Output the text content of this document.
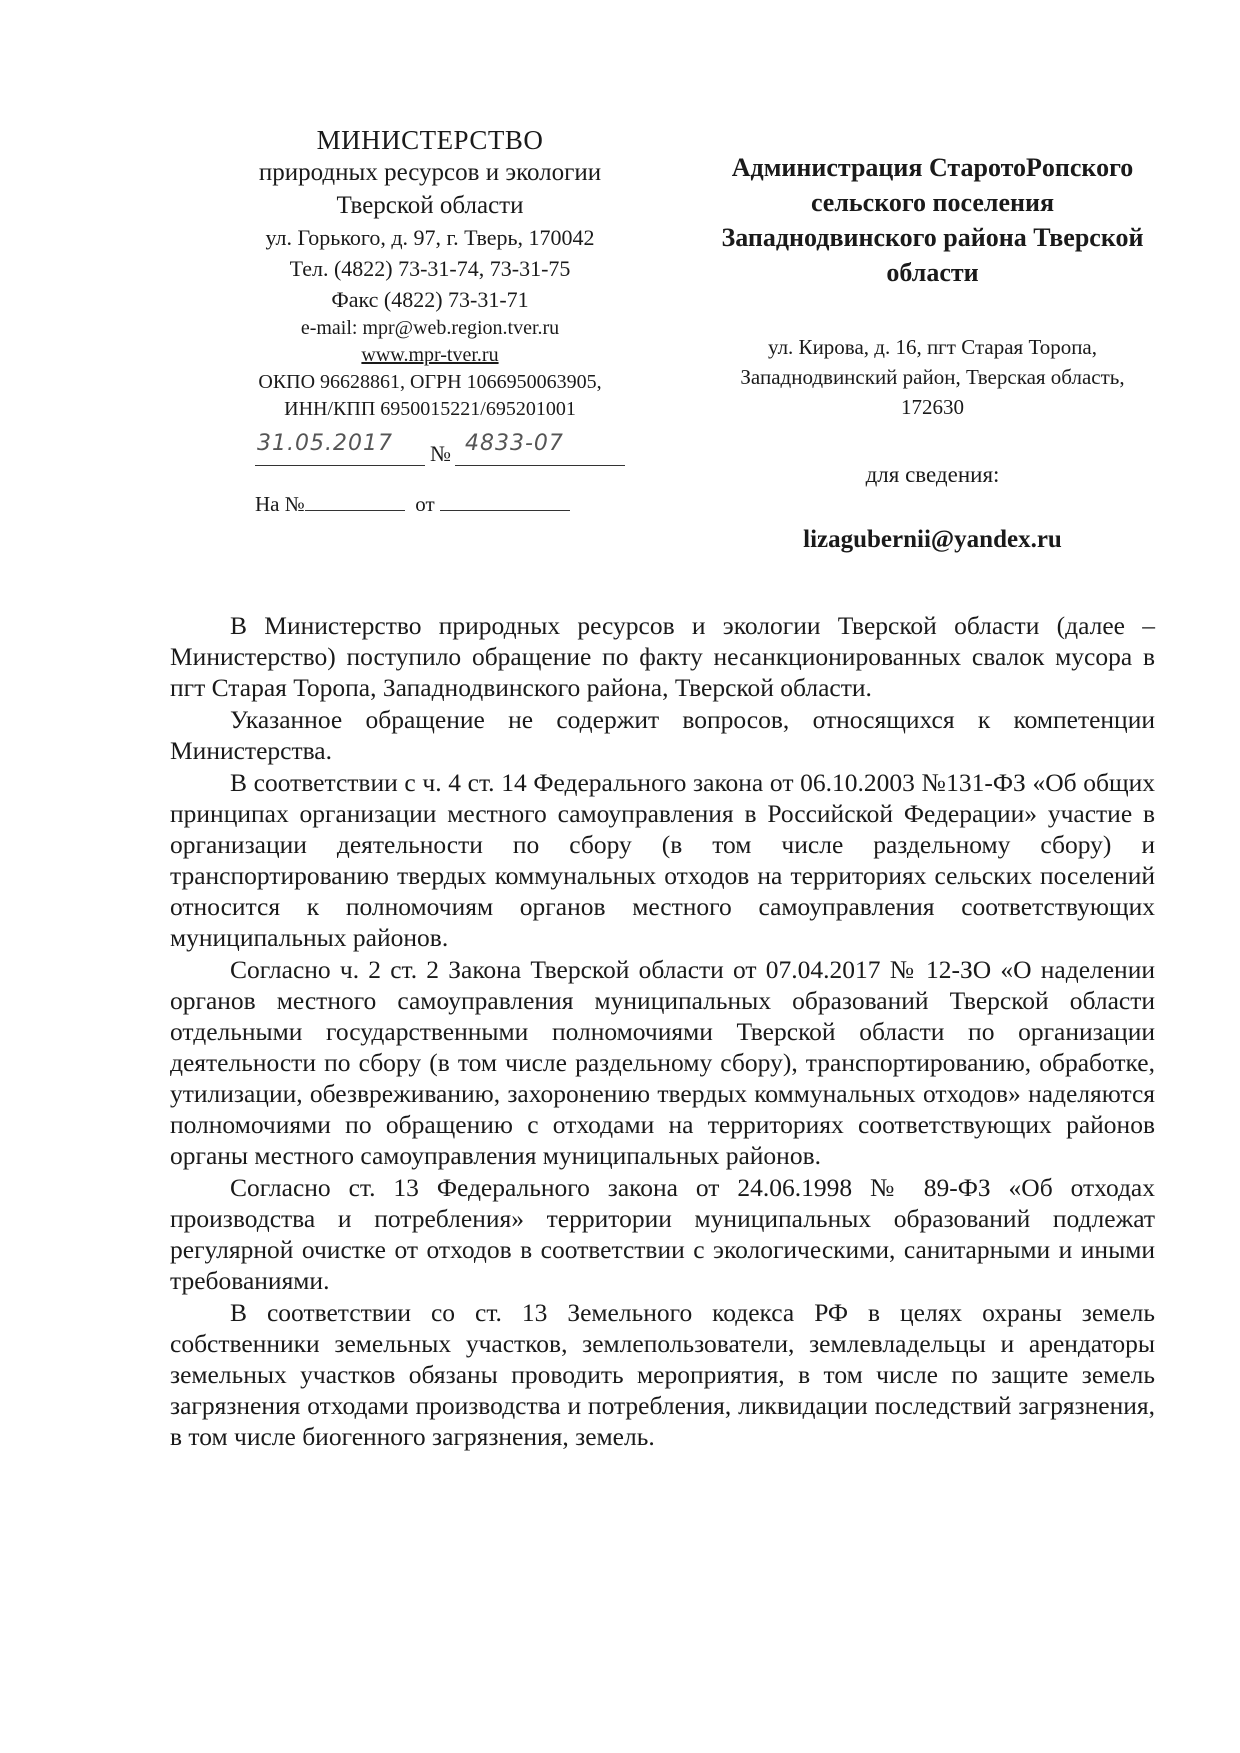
МИНИСТЕРСТВО
природных ресурсов и экологии
Тверской области
ул. Горького, д. 97, г. Тверь, 170042
Тел. (4822) 73-31-74, 73-31-75
Факс (4822) 73-31-71
e-mail: mpr@web.region.tver.ru
www.mpr-tver.ru
ОКПО 96628861, ОГРН 1066950063905,
ИНН/КПП 6950015221/695201001
31.05.2017 № 4833-07
На №	от
Администрация СтаротоPопского
сельского поселения
Западнодвинского района Тверской
области
ул. Кирова, д. 16, пгт Старая Торопа,
Западнодвинский район, Тверская область,
172630
для сведения:
lizagubernii@yandex.ru

В Министерство природных ресурсов и экологии Тверской области (далее – Министерство) поступило обращение по факту несанкционированных свалок мусора в пгт Старая Торопа, Западнодвинского района, Тверской области.

Указанное обращение не содержит вопросов, относящихся к компетенции Министерства.

В соответствии с ч. 4 ст. 14 Федерального закона от 06.10.2003 №131-ФЗ «Об общих принципах организации местного самоуправления в Российской Федерации» участие в организации деятельности по сбору (в том числе раздельному сбору) и транспортированию твердых коммунальных отходов на территориях сельских поселений относится к полномочиям органов местного самоуправления соответствующих муниципальных районов.

Согласно ч. 2 ст. 2 Закона Тверской области от 07.04.2017 № 12-ЗО «О наделении органов местного самоуправления муниципальных образований Тверской области отдельными государственными полномочиями Тверской области по организации деятельности по сбору (в том числе раздельному сбору), транспортированию, обработке, утилизации, обезвреживанию, захоронению твердых коммунальных отходов» наделяются полномочиями по обращению с отходами на территориях соответствующих районов органы местного самоуправления муниципальных районов.

Согласно ст. 13 Федерального закона от 24.06.1998 № 89-ФЗ «Об отходах производства и потребления» территории муниципальных образований подлежат регулярной очистке от отходов в соответствии с экологическими, санитарными и иными требованиями.

В соответствии со ст. 13 Земельного кодекса РФ в целях охраны земель собственники земельных участков, землепользователи, землевладельцы и арендаторы земельных участков обязаны проводить мероприятия, в том числе по защите земель загрязнения отходами производства и потребления, ликвидации последствий загрязнения, в том числе биогенного загрязнения, земель.
